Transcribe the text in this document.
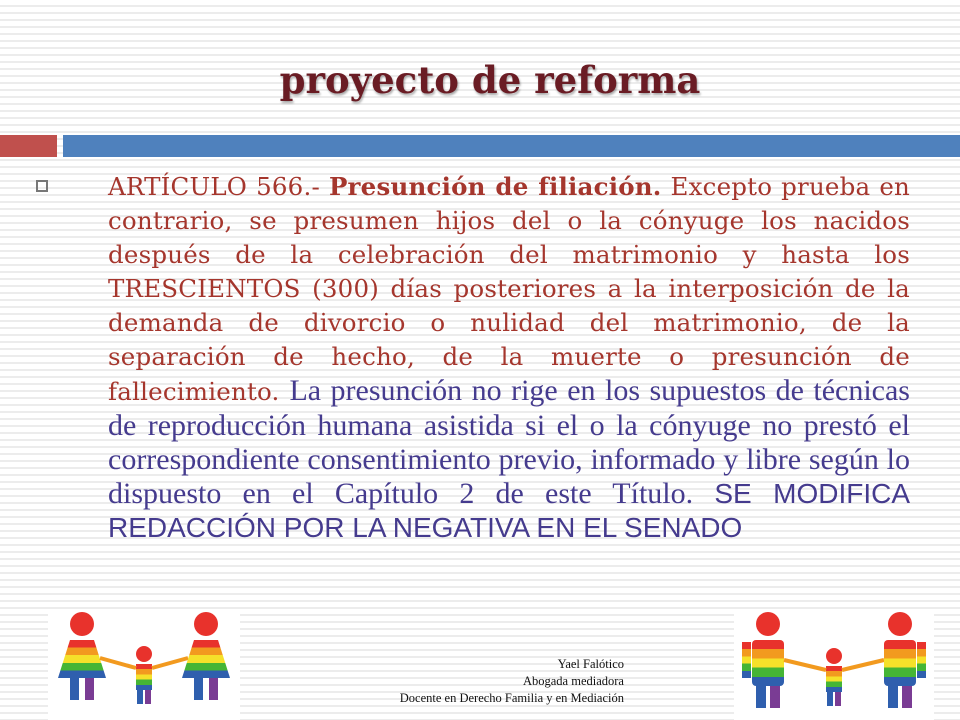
proyecto de reforma

ARTÍCULO 566.- Presunción de filiación. Excepto prueba en contrario, se presumen hijos del o la cónyuge los nacidos después de la celebración del matrimonio y hasta los TRESCIENTOS (300) días posteriores a la interposición de la demanda de divorcio o nulidad del matrimonio, de la separación de hecho, de la muerte o presunción de fallecimiento. La presunción no rige en los supuestos de técnicas de reproducción humana asistida si el o la cónyuge no prestó el correspondiente consentimiento previo, informado y libre según lo dispuesto en el Capítulo 2 de este Título. SE MODIFICA REDACCIÓN POR LA NEGATIVA EN EL SENADO

Yael Falótico
Abogada mediadora
Docente en Derecho Familia y en Mediación
